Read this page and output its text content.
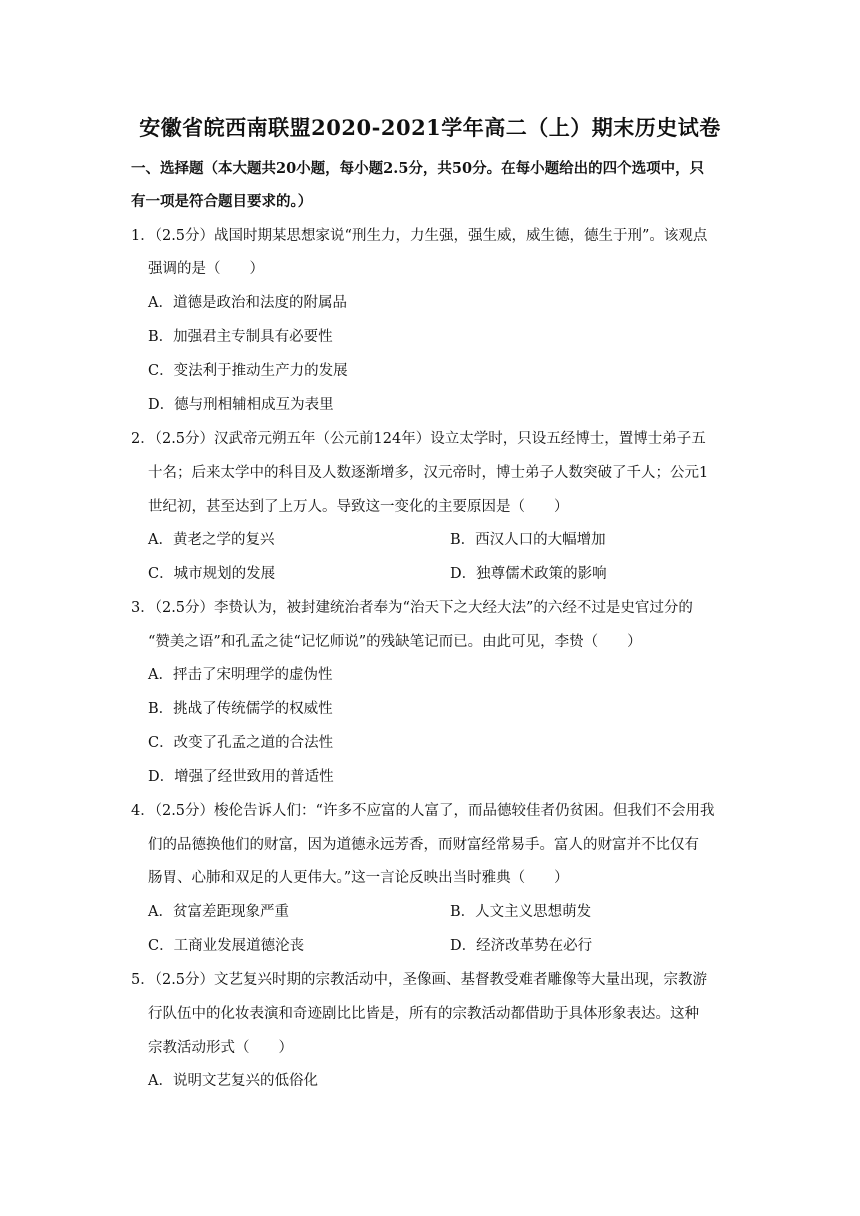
安徽省皖西南联盟2020-2021学年高二（上）期末历史试卷
一、选择题（本大题共20小题，每小题2.5分，共50分。在每小题给出的四个选项中，只
有一项是符合题目要求的。）
1．（2.5分）战国时期某思想家说“刑生力，力生强，强生威，威生德，德生于刑”。该观点
强调的是（　　）
A．道德是政治和法度的附属品
B．加强君主专制具有必要性
C．变法利于推动生产力的发展
D．德与刑相辅相成互为表里
2．（2.5分）汉武帝元朔五年（公元前124年）设立太学时，只设五经博士，置博士弟子五
十名；后来太学中的科目及人数逐渐增多，汉元帝时，博士弟子人数突破了千人；公元1
世纪初，甚至达到了上万人。导致这一变化的主要原因是（　　）
A．黄老之学的复兴	B．西汉人口的大幅增加
C．城市规划的发展	D．独尊儒术政策的影响
3．（2.5分）李贽认为，被封建统治者奉为“治天下之大经大法”的六经不过是史官过分的
“赞美之语”和孔孟之徒“记忆师说”的残缺笔记而已。由此可见，李贽（　　）
A．抨击了宋明理学的虚伪性
B．挑战了传统儒学的权威性
C．改变了孔孟之道的合法性
D．增强了经世致用的普适性
4．（2.5分）梭伦告诉人们：“许多不应富的人富了，而品德较佳者仍贫困。但我们不会用我
们的品德换他们的财富，因为道德永远芳香，而财富经常易手。富人的财富并不比仅有
肠胃、心肺和双足的人更伟大。”这一言论反映出当时雅典（　　）
A．贫富差距现象严重	B．人文主义思想萌发
C．工商业发展道德沦丧	D．经济改革势在必行
5．（2.5分）文艺复兴时期的宗教活动中，圣像画、基督教受难者雕像等大量出现，宗教游
行队伍中的化妆表演和奇迹剧比比皆是，所有的宗教活动都借助于具体形象表达。这种
宗教活动形式（　　）
A．说明文艺复兴的低俗化
